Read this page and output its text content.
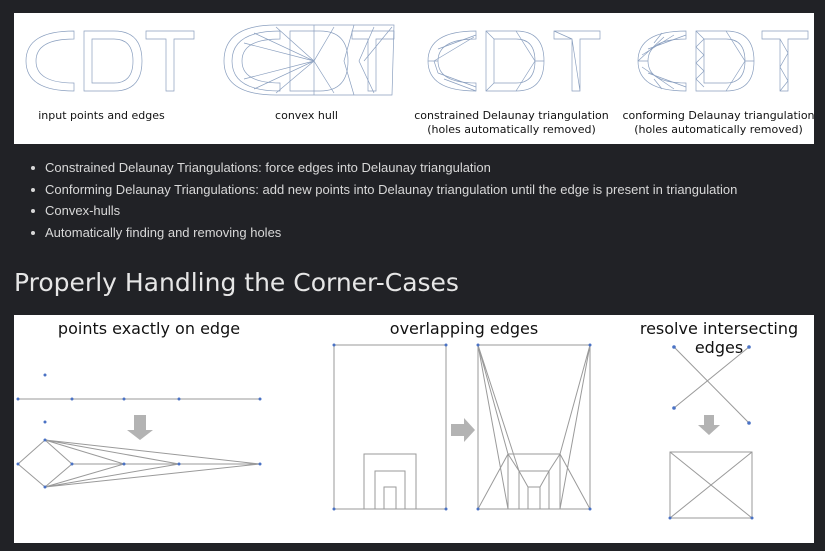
input points and edges	convex hull	constrained Delaunay triangulation
(holes automatically removed)
conforming Delaunay triangulation
(holes automatically removed)
Constrained Delaunay Triangulations: force edges into Delaunay triangulation
Conforming Delaunay Triangulations: add new points into Delaunay triangulation until the edge is present in triangulation
Convex-hulls
Automatically finding and removing holes
Properly Handling the Corner-Cases
points exactly on edge	overlapping edges	resolve intersecting edges
